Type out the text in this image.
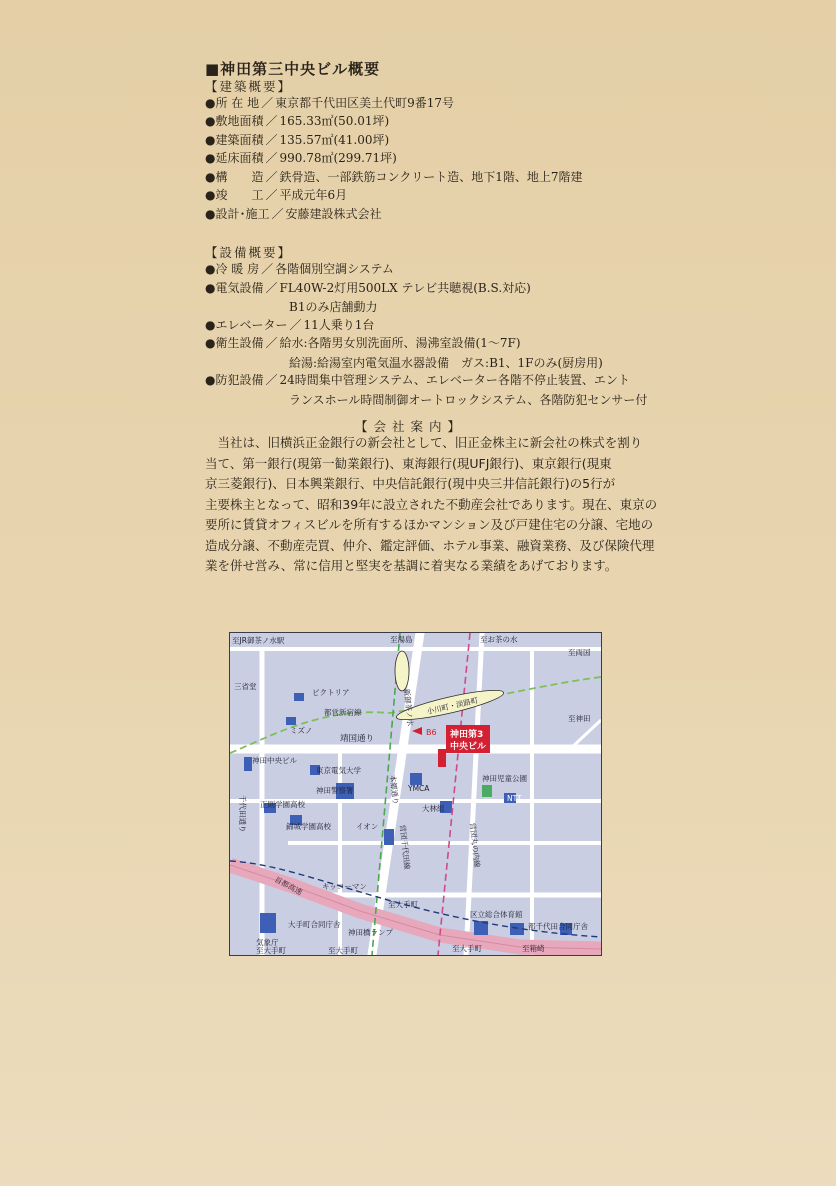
■神田第三中央ビル概要
【建築概要】
●所 在 地 ／ 東京都千代田区美土代町9番17号
●敷地面積 ／ 165.33㎡(50.01坪)
●建築面積 ／ 135.57㎡(41.00坪)
●延床面積 ／ 990.78㎡(299.71坪)
●構　　造 ／ 鉄骨造、一部鉄筋コンクリート造、地下1階、地上7階建
●竣　　工 ／ 平成元年6月
●設計･施工 ／ 安藤建設株式会社
【設備概要】
●冷 暖 房 ／ 各階個別空調システム
●電気設備 ／ FL40W-2灯用500LX テレビ共聴視(B.S.対応)
B1のみ店舗動力
●エレベーター ／ 11人乗り1台
●衛生設備 ／ 給水:各階男女別洗面所、湯沸室設備(1～7F)
給湯:給湯室内電気温水器設備　ガス:B1、1Fのみ(厨房用)
●防犯設備 ／ 24時間集中管理システム、エレベーター各階不停止装置、エント
ランスホール時間制御オートロックシステム、各階防犯センサー付
【会社案内】

　当社は、旧横浜正金銀行の新会社として、旧正金株主に新会社の株式を割り

当て、第一銀行(現第一勧業銀行)、東海銀行(現UFJ銀行)、東京銀行(現東

京三菱銀行)、日本興業銀行、中央信託銀行(現中央三井信託銀行)の5行が

主要株主となって、昭和39年に設立された不動産会社であります。現在、東京の

要所に賃貸オフィスビルを所有するほかマンション及び戸建住宅の分譲、宅地の

造成分譲、不動産売買、仲介、鑑定評価、ホテル事業、融資業務、及び保険代理

業を併せ営み、常に信用と堅実を基調に着実なる業績をあげております。

至JR御茶ノ水駅	至湯島	至お茶の水
至両国
三省堂
ビクトリア
都営新宿線	小川町・淡路町
新御茶ノ水	至神田
ミズノ
靖国通り
B6 神田第3
中央ビル
神田中央ビル
東京電気大学
本郷通り
神田警察署	YMCA
神田児童公園
NTT
千代田通り 正則学園高校
錦城学園高校	イオン
大林組
営団千代田線	営団丸の内線
首都高速 キッコーマン
至大手町
区立総合体育館
気象庁
大手町合同庁舎	都千代田合同庁舎
神田橋ランプ
至大手町	至大手町	至大手町	至箱崎
